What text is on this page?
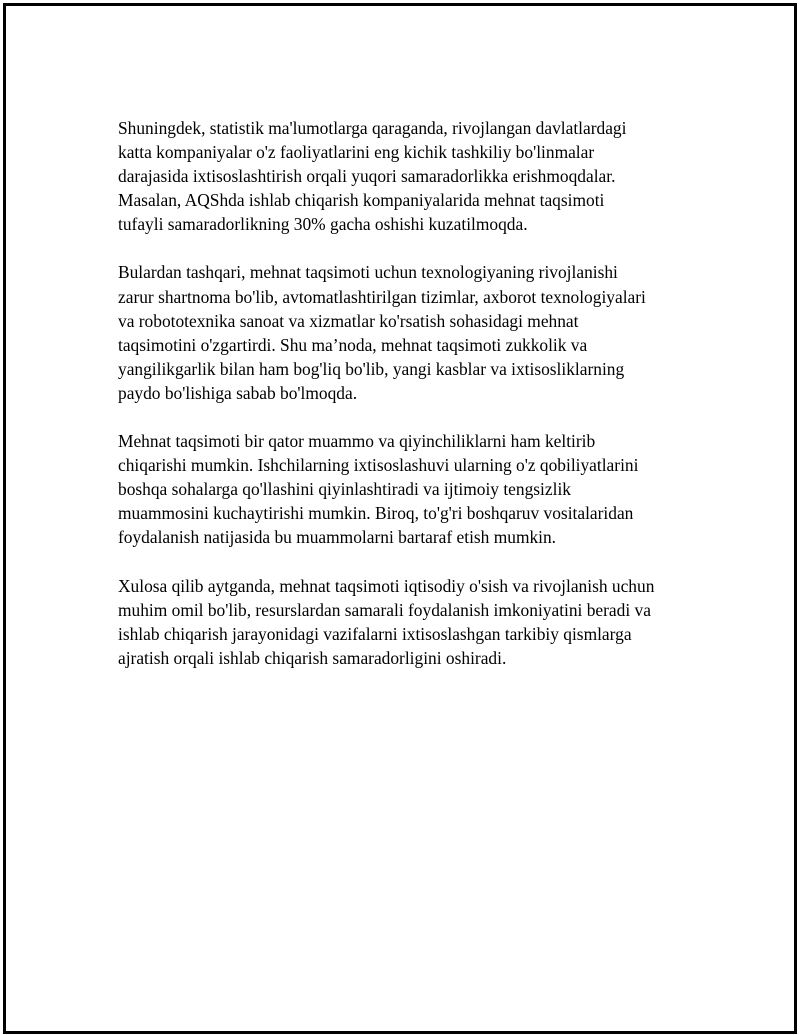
Shuningdek, statistik ma'lumotlarga qaraganda, rivojlangan davlatlardagi
katta kompaniyalar o'z faoliyatlarini eng kichik tashkiliy bo'linmalar
darajasida ixtisoslashtirish orqali yuqori samaradorlikka erishmoqdalar.
Masalan, AQShda ishlab chiqarish kompaniyalarida mehnat taqsimoti
tufayli samaradorlikning 30% gacha oshishi kuzatilmoqda.

Bulardan tashqari, mehnat taqsimoti uchun texnologiyaning rivojlanishi
zarur shartnoma bo'lib, avtomatlashtirilgan tizimlar, axborot texnologiyalari
va robototexnika sanoat va xizmatlar ko'rsatish sohasidagi mehnat
taqsimotini o'zgartirdi. Shu ma’noda, mehnat taqsimoti zukkolik va
yangilikgarlik bilan ham bog'liq bo'lib, yangi kasblar va ixtisosliklarning
paydo bo'lishiga sabab bo'lmoqda.

Mehnat taqsimoti bir qator muammo va qiyinchiliklarni ham keltirib
chiqarishi mumkin. Ishchilarning ixtisoslashuvi ularning o'z qobiliyatlarini
boshqa sohalarga qo'llashini qiyinlashtiradi va ijtimoiy tengsizlik
muammosini kuchaytirishi mumkin. Biroq, to'g'ri boshqaruv vositalaridan
foydalanish natijasida bu muammolarni bartaraf etish mumkin.

Xulosa qilib aytganda, mehnat taqsimoti iqtisodiy o'sish va rivojlanish uchun
muhim omil bo'lib, resurslardan samarali foydalanish imkoniyatini beradi va
ishlab chiqarish jarayonidagi vazifalarni ixtisoslashgan tarkibiy qismlarga
ajratish orqali ishlab chiqarish samaradorligini oshiradi.
